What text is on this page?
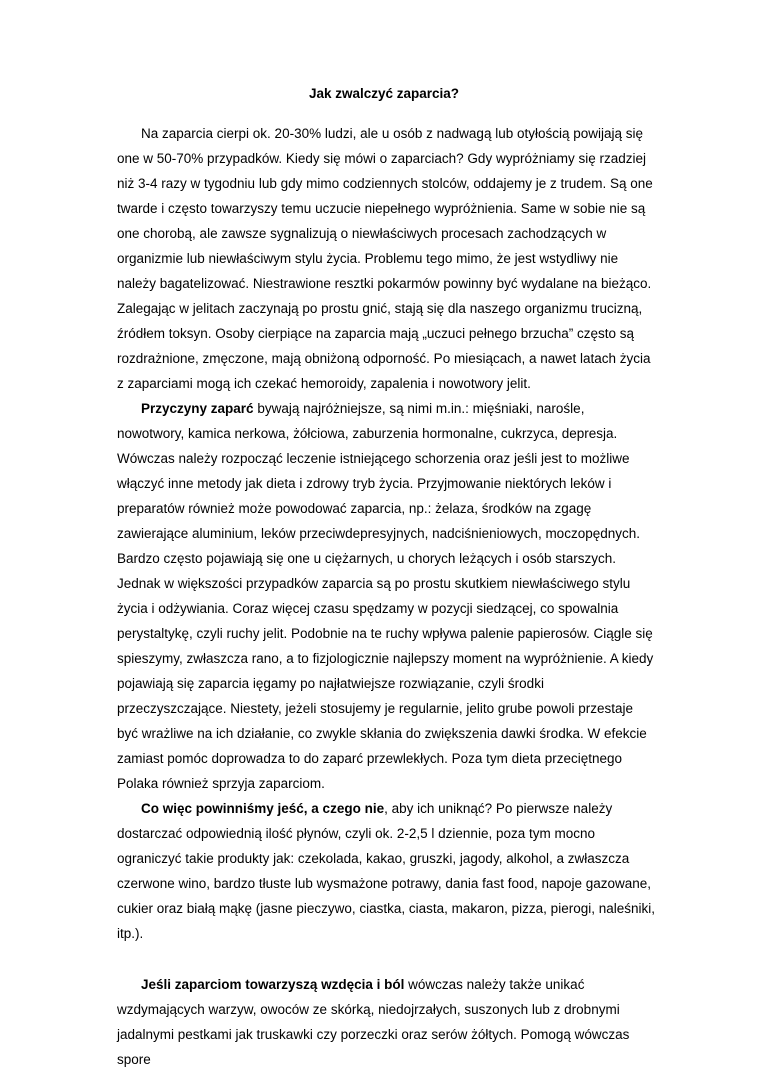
Jak zwalczyć zaparcia?

Na zaparcia cierpi ok. 20-30% ludzi, ale u osób z nadwagą lub otyłością powijają się one w 50-70% przypadków. Kiedy się mówi o zaparciach? Gdy wypróżniamy się rzadziej niż 3-4 razy w tygodniu lub gdy mimo codziennych stolców, oddajemy je z trudem. Są one twarde i często towarzyszy temu uczucie niepełnego wypróżnienia. Same w sobie nie są one chorobą, ale zawsze sygnalizują o niewłaściwych procesach zachodzących w organizmie lub niewłaściwym stylu życia. Problemu tego mimo, że jest wstydliwy nie należy bagatelizować. Niestrawione resztki pokarmów powinny być wydalane na bieżąco. Zalegając w jelitach zaczynają po prostu gnić, stają się dla naszego organizmu trucizną, źródłem toksyn. Osoby cierpiące na zaparcia mają „uczuci pełnego brzucha” często są rozdrażnione, zmęczone, mają obniżoną odporność. Po miesiącach, a nawet latach życia z zaparciami mogą ich czekać hemoroidy, zapalenia i nowotwory jelit.

Przyczyny zaparć bywają najróżniejsze, są nimi m.in.: mięśniaki, narośle, nowotwory, kamica nerkowa, żółciowa, zaburzenia hormonalne, cukrzyca, depresja. Wówczas należy rozpocząć leczenie istniejącego schorzenia oraz jeśli jest to możliwe włączyć inne metody jak dieta i zdrowy tryb życia. Przyjmowanie niektórych leków i preparatów również może powodować zaparcia, np.: żelaza, środków na zgagę zawierające aluminium, leków przeciwdepresyjnych, nadciśnieniowych, moczopędnych. Bardzo często pojawiają się one u ciężarnych, u chorych leżących i osób starszych. Jednak w większości przypadków zaparcia są po prostu skutkiem niewłaściwego stylu życia i odżywiania. Coraz więcej czasu spędzamy w pozycji siedzącej, co spowalnia perystaltykę, czyli ruchy jelit. Podobnie na te ruchy wpływa palenie papierosów. Ciągle się spieszymy, zwłaszcza rano, a to fizjologicznie najlepszy moment na wypróżnienie. A kiedy pojawiają się zaparcia ięgamy po najłatwiejsze rozwiązanie, czyli środki przeczyszczające. Niestety, jeżeli stosujemy je regularnie, jelito grube powoli przestaje być wrażliwe na ich działanie, co zwykle skłania do zwiększenia dawki środka. W efekcie zamiast pomóc doprowadza to do zaparć przewlekłych. Poza tym dieta przeciętnego Polaka również sprzyja zaparciom.

Co więc powinniśmy jeść, a czego nie, aby ich uniknąć? Po pierwsze należy dostarczać odpowiednią ilość płynów, czyli ok. 2-2,5 l dziennie, poza tym mocno ograniczyć takie produkty jak: czekolada, kakao, gruszki, jagody, alkohol, a zwłaszcza czerwone wino, bardzo tłuste lub wysmażone potrawy, dania fast food, napoje gazowane, cukier oraz białą mąkę (jasne pieczywo, ciastka, ciasta, makaron, pizza, pierogi, naleśniki, itp.).

Jeśli zaparciom towarzyszą wzdęcia i ból wówczas należy także unikać wzdymających warzyw, owoców ze skórką, niedojrzałych, suszonych lub z drobnymi jadalnymi pestkami jak truskawki czy porzeczki oraz serów żółtych. Pomogą wówczas spore
